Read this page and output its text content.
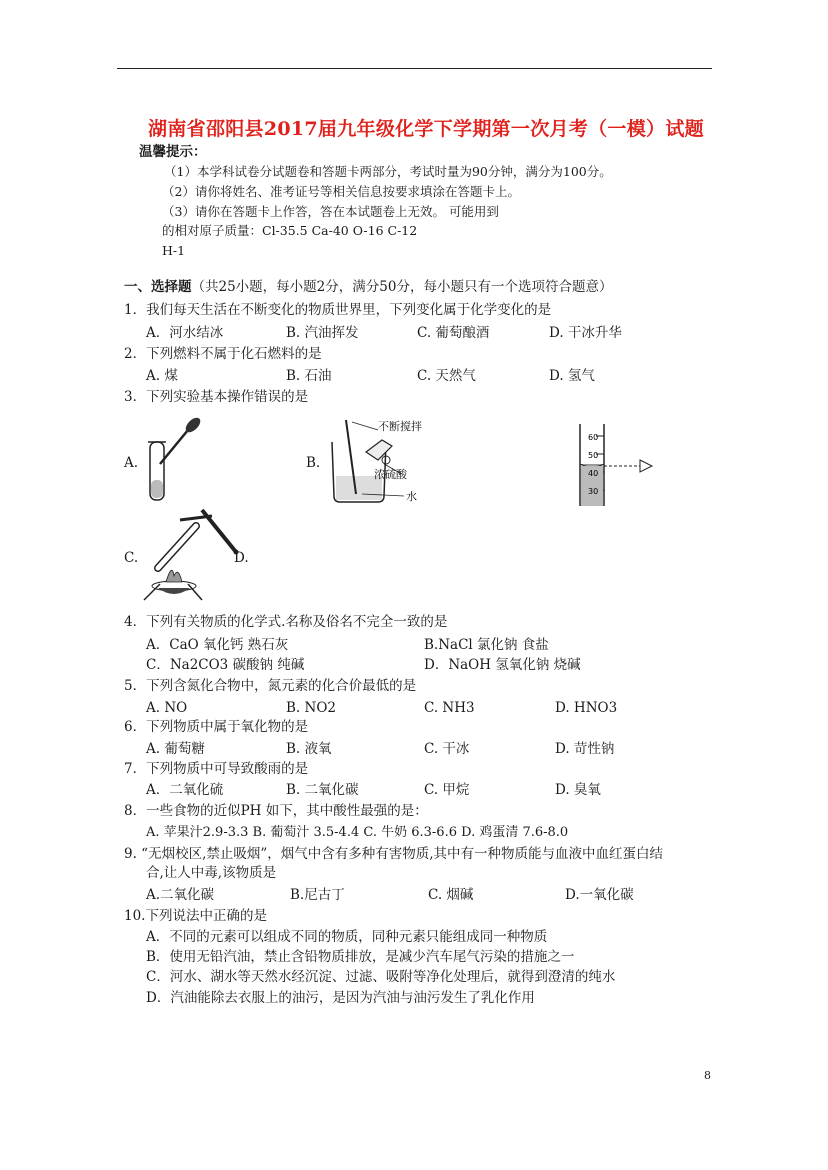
湖南省邵阳县2017届九年级化学下学期第一次月考（一模）试题
温馨提示：
（1）本学科试卷分试题卷和答题卡两部分，考试时量为90分钟，满分为100分。
（2）请你将姓名、准考证号等相关信息按要求填涂在答题卡上。
（3）请你在答题卡上作答，答在本试题卷上无效。 可能用到
的相对原子质量：Cl-35.5 Ca-40 O-16 C-12
H-1
一、选择题（共25小题，每小题2分，满分50分，每小题只有一个选项符合题意）
1．我们每天生活在不断变化的物质世界里，下列变化属于化学变化的是
A．河水结冰	B. 汽油挥发	C. 葡萄酿酒	D. 干冰升华
2．下列燃料不属于化石燃料的是
A. 煤	B. 石油	C. 天然气	D. 氢气
3．下列实验基本操作错误的是
A.	B.
不断搅拌
浓硫酸
水
60
50
40
30
C.	D.
4．下列有关物质的化学式.名称及俗名不完全一致的是
A．CaO 氧化钙 熟石灰	B.NaCl 氯化钠 食盐
C．Na2CO3 碳酸钠 纯碱	D．NaOH 氢氧化钠 烧碱
5．下列含氮化合物中，氮元素的化合价最低的是
A. NO	B. NO2	C. NH3	D. HNO3
6．下列物质中属于氧化物的是
A. 葡萄糖	B. 液氧	C. 干冰	D. 苛性钠
7．下列物质中可导致酸雨的是
A．二氧化硫	B. 二氧化碳	C. 甲烷	D. 臭氧
8．一些食物的近似PH 如下，其中酸性最强的是：
A. 苹果汁2.9-3.3 B. 葡萄汁 3.5-4.4 C. 牛奶 6.3-6.6 D. 鸡蛋清 7.6-8.0
9. “无烟校区,禁止吸烟”，烟气中含有多种有害物质,其中有一种物质能与血液中血红蛋白结
合,让人中毒,该物质是
A.二氧化碳	B.尼古丁	C. 烟碱	D.一氧化碳
10.下列说法中正确的是
A．不同的元素可以组成不同的物质，同种元素只能组成同一种物质
B．使用无铅汽油，禁止含铅物质排放，是减少汽车尾气污染的措施之一
C．河水、湖水等天然水经沉淀、过滤、吸附等净化处理后，就得到澄清的纯水
D．汽油能除去衣服上的油污，是因为汽油与油污发生了乳化作用
8
